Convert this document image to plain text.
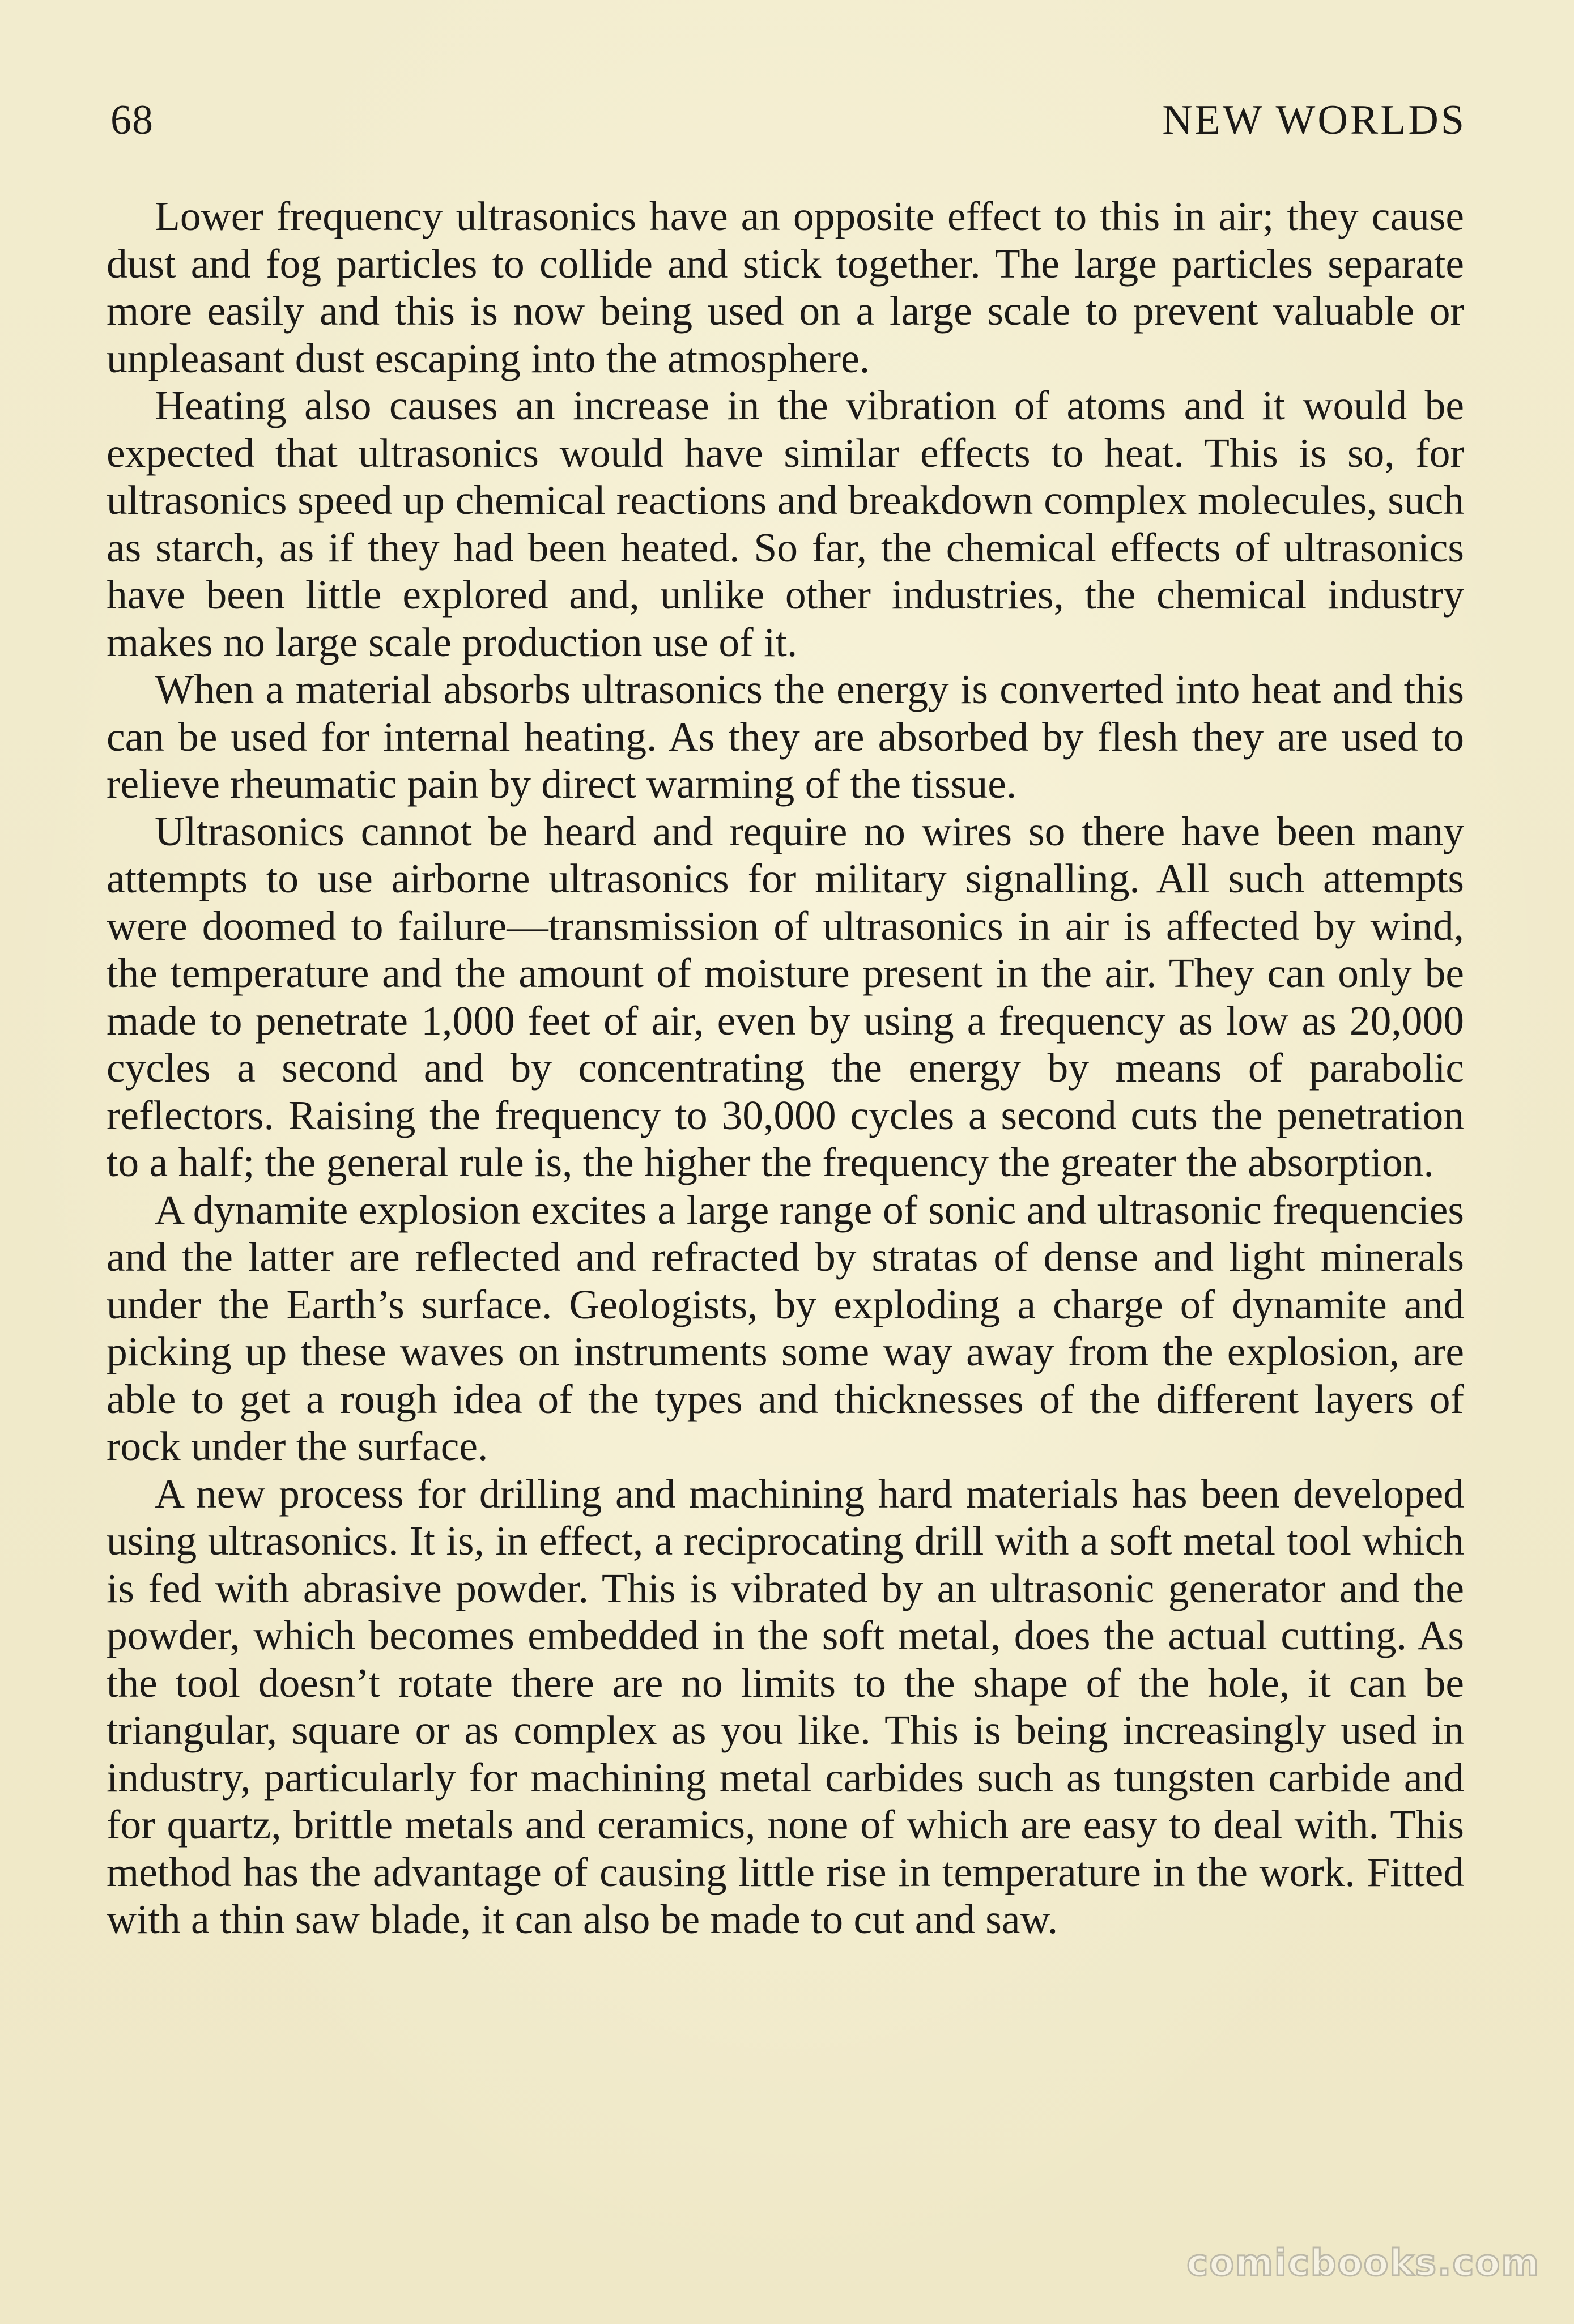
68	NEW WORLDS

Lower frequency ultrasonics have an opposite effect to this in air; they cause dust and fog particles to collide and stick together. The large particles separate more easily and this is now being used on a large scale to prevent valuable or unpleasant dust escaping into the atmosphere.

Heating also causes an increase in the vibration of atoms and it would be expected that ultrasonics would have similar effects to heat. This is so, for ultrasonics speed up chemical reactions and breakdown complex molecules, such as starch, as if they had been heated. So far, the chemical effects of ultrasonics have been little explored and, unlike other industries, the chemical industry makes no large scale production use of it.

When a material absorbs ultrasonics the energy is converted into heat and this can be used for internal heating. As they are absorbed by flesh they are used to relieve rheumatic pain by direct warming of the tissue.

Ultrasonics cannot be heard and require no wires so there have been many attempts to use airborne ultrasonics for military signalling. All such attempts were doomed to failure—transmission of ultrasonics in air is affected by wind, the temperature and the amount of moisture present in the air. They can only be made to penetrate 1,000 feet of air, even by using a frequency as low as 20,000 cycles a second and by concentrating the energy by means of parabolic reflectors. Raising the frequency to 30,000 cycles a second cuts the penetration to a half; the general rule is, the higher the frequency the greater the absorption.

A dynamite explosion excites a large range of sonic and ultrasonic frequencies and the latter are reflected and refracted by stratas of dense and light minerals under the Earth’s surface. Geologists, by exploding a charge of dynamite and picking up these waves on instruments some way away from the explosion, are able to get a rough idea of the types and thicknesses of the different layers of rock under the surface.

A new process for drilling and machining hard materials has been developed using ultrasonics. It is, in effect, a reciprocating drill with a soft metal tool which is fed with abrasive powder. This is vibrated by an ultrasonic generator and the powder, which becomes embedded in the soft metal, does the actual cutting. As the tool doesn’t rotate there are no limits to the shape of the hole, it can be triangular, square or as complex as you like. This is being increasingly used in industry, particularly for machining metal carbides such as tungsten carbide and for quartz, brittle metals and ceramics, none of which are easy to deal with. This method has the advantage of causing little rise in temperature in the work. Fitted with a thin saw blade, it can also be made to cut and saw.

comicbooks.com
